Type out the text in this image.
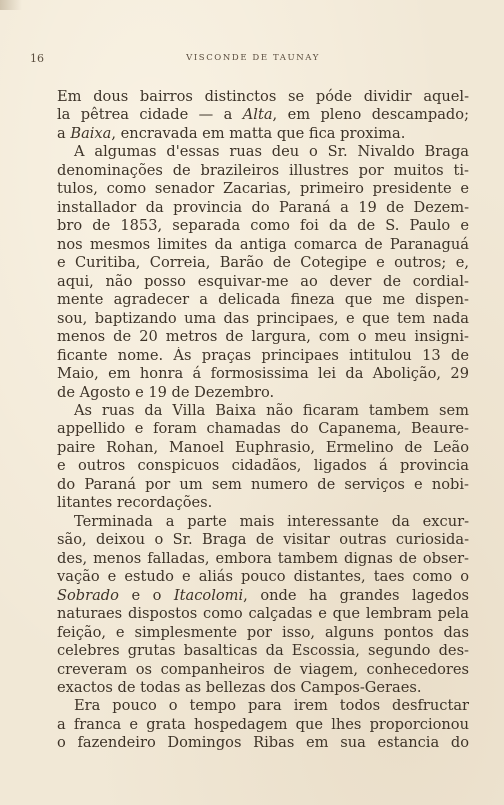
16	VISCONDE DE TAUNAY
Em dous bairros distinctos se póde dividir aquel-
la pêtrea cidade — a Alta, em pleno descampado;
a Baixa, encravada em matta que fica proxima.
A algumas d'essas ruas deu o Sr. Nivaldo Braga
denominações de brazileiros illustres por muitos ti-
tulos, como senador Zacarias, primeiro presidente e
installador da provincia do Paraná a 19 de Dezem-
bro de 1853, separada como foi da de S. Paulo e
nos mesmos limites da antiga comarca de Paranaguá
e Curitiba, Correia, Barão de Cotegipe e outros; e,
aqui, não posso esquivar-me ao dever de cordial-
mente agradecer a delicada fineza que me dispen-
sou, baptizando uma das principaes, e que tem nada
menos de 20 metros de largura, com o meu insigni-
ficante nome. Ás praças principaes intitulou 13 de
Maio, em honra á formosissima lei da Abolição, 29
de Agosto e 19 de Dezembro.
As ruas da Villa Baixa não ficaram tambem sem
appellido e foram chamadas do Capanema, Beaure-
paire Rohan, Manoel Euphrasio, Ermelino de Leão
e outros conspicuos cidadãos, ligados á provincia
do Paraná por um sem numero de serviços e nobi-
litantes recordações.
Terminada a parte mais interessante da excur-
são, deixou o Sr. Braga de visitar outras curiosida-
des, menos falladas, embora tambem dignas de obser-
vação e estudo e aliás pouco distantes, taes como o
Sobrado e o Itacolomi, onde ha grandes lagedos
naturaes dispostos como calçadas e que lembram pela
feição, e simplesmente por isso, alguns pontos das
celebres grutas basalticas da Escossia, segundo des-
creveram os companheiros de viagem, conhecedores
exactos de todas as bellezas dos Campos-Geraes.
Era pouco o tempo para irem todos desfructar
a franca e grata hospedagem que lhes proporcionou
o fazendeiro Domingos Ribas em sua estancia do
